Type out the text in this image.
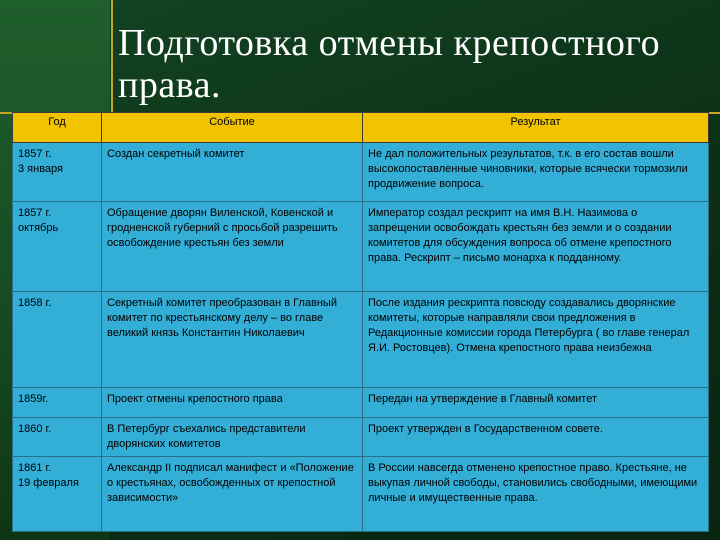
Подготовка отмены крепостного права.
Год	Событие	Результат
1857 г.
3 января	Создан секретный комитет	Не дал положительных результатов, т.к. в его состав вошли высокопоставленные чиновники, которые всячески тормозили продвижение вопроса.
1857 г.
октябрь	Обращение дворян Виленской, Ковенской и гродненской губерний с просьбой разрешить освобождение крестьян без земли	Император создал рескрипт на имя В.Н. Назимова о запрещении освобождать крестьян без земли и о создании комитетов для обсуждения вопроса об отмене крепостного права. Рескрипт – письмо монарха к подданному.
1858 г.	Секретный комитет преобразован в Главный комитет по крестьянскому делу – во главе великий князь Константин Николаевич	После издания рескрипта повсюду создавались дворянские комитеты, которые направляли свои предложения в Редакционные комиссии города Петербурга ( во главе генерал Я.И. Ростовцев). Отмена крепостного права неизбежна
1859г.	Проект отмены крепостного права	Передан на утверждение в Главный комитет
1860 г.	В Петербург съехались представители дворянских комитетов	Проект утвержден в Государственном совете.
1861 г.
19 февраля	Александр II подписал манифест и «Положение о крестьянах, освобожденных от крепостной зависимости»	В России навсегда отменено крепостное право. Крестьяне, не выкупая личной свободы, становились свободными, имеющими личные и имущественные права.
